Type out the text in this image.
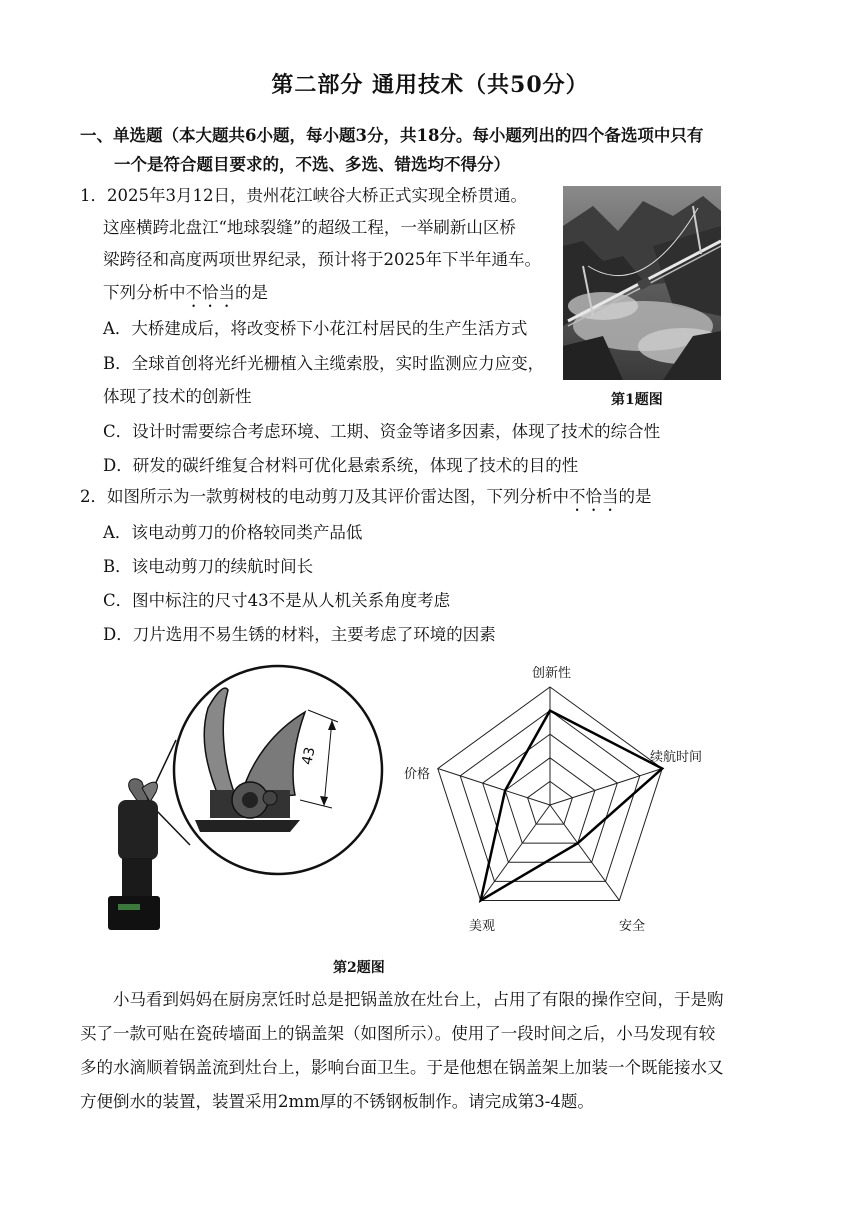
第二部分 通用技术（共50分）
一、单选题（本大题共6小题，每小题3分，共18分。每小题列出的四个备选项中只有
一个是符合题目要求的，不选、多选、错选均不得分）
1．2025年3月12日，贵州花江峡谷大桥正式实现全桥贯通。
这座横跨北盘江“地球裂缝”的超级工程，一举刷新山区桥
梁跨径和高度两项世界纪录，预计将于2025年下半年通车。
下列分析中不恰当的是
A．大桥建成后，将改变桥下小花江村居民的生产生活方式
B．全球首创将光纤光栅植入主缆索股，实时监测应力应变，
体现了技术的创新性
C．设计时需要综合考虑环境、工期、资金等诸多因素，体现了技术的综合性
D．研发的碳纤维复合材料可优化悬索系统，体现了技术的目的性
第1题图
2．如图所示为一款剪树枝的电动剪刀及其评价雷达图，下列分析中不恰当的是
A．该电动剪刀的价格较同类产品低
B．该电动剪刀的续航时间长
C．图中标注的尺寸43不是从人机关系角度考虑
D．刀片选用不易生锈的材料，主要考虑了环境的因素
43
创新性
续航时间
安全
美观
价格
第2题图
小马看到妈妈在厨房烹饪时总是把锅盖放在灶台上，占用了有限的操作空间，于是购
买了一款可贴在瓷砖墙面上的锅盖架（如图所示）。使用了一段时间之后，小马发现有较
多的水滴顺着锅盖流到灶台上，影响台面卫生。于是他想在锅盖架上加装一个既能接水又
方便倒水的装置，装置采用2mm厚的不锈钢板制作。请完成第3-4题。
